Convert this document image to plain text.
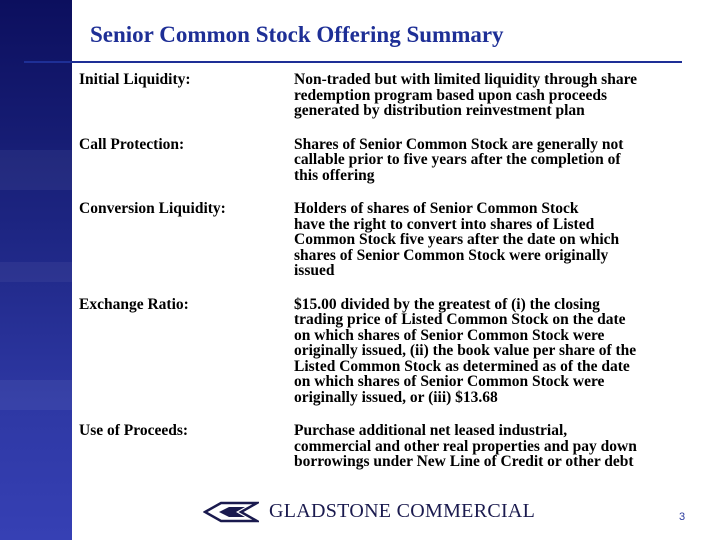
Senior Common Stock Offering Summary
Initial Liquidity:	Non-traded but with limited liquidity through share
redemption program based upon cash proceeds
generated by distribution reinvestment plan
Call Protection:	Shares of Senior Common Stock are generally not
callable prior to five years after the completion of
this offering
Conversion Liquidity:	Holders of shares of Senior Common Stock
have the right to convert into shares of Listed
Common Stock five years after the date on which
shares of Senior Common Stock were originally
issued
Exchange Ratio:	$15.00 divided by the greatest of (i) the closing
trading price of Listed Common Stock on the date
on which shares of Senior Common Stock were
originally issued, (ii) the book value per share of the
Listed Common Stock as determined as of the date
on which shares of Senior Common Stock were
originally issued, or (iii) $13.68
Use of Proceeds:	Purchase additional net leased industrial,
commercial and other real properties and pay down
borrowings under New Line of Credit or other debt
GLADSTONE COMMERCIAL	3
